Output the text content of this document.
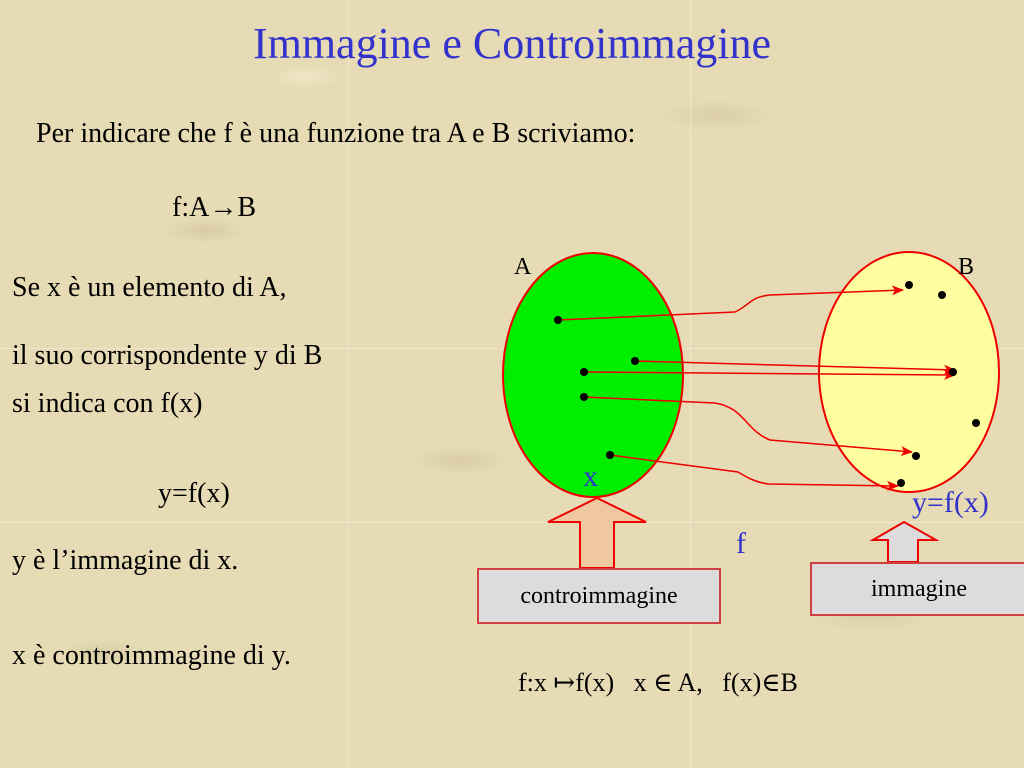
Immagine e Controimmagine
Per indicare che f è una funzione tra A e B scriviamo:
f:A→B
Se x è un elemento di A,
il suo corrispondente y di B
si indica con f(x)
y=f(x)
y è l’immagine di x.
x è controimmagine di y.
A	B
x
y=f(x)
f
controimmagine	immagine
f:x ↦f(x) x ∈ A, f(x)∈B
